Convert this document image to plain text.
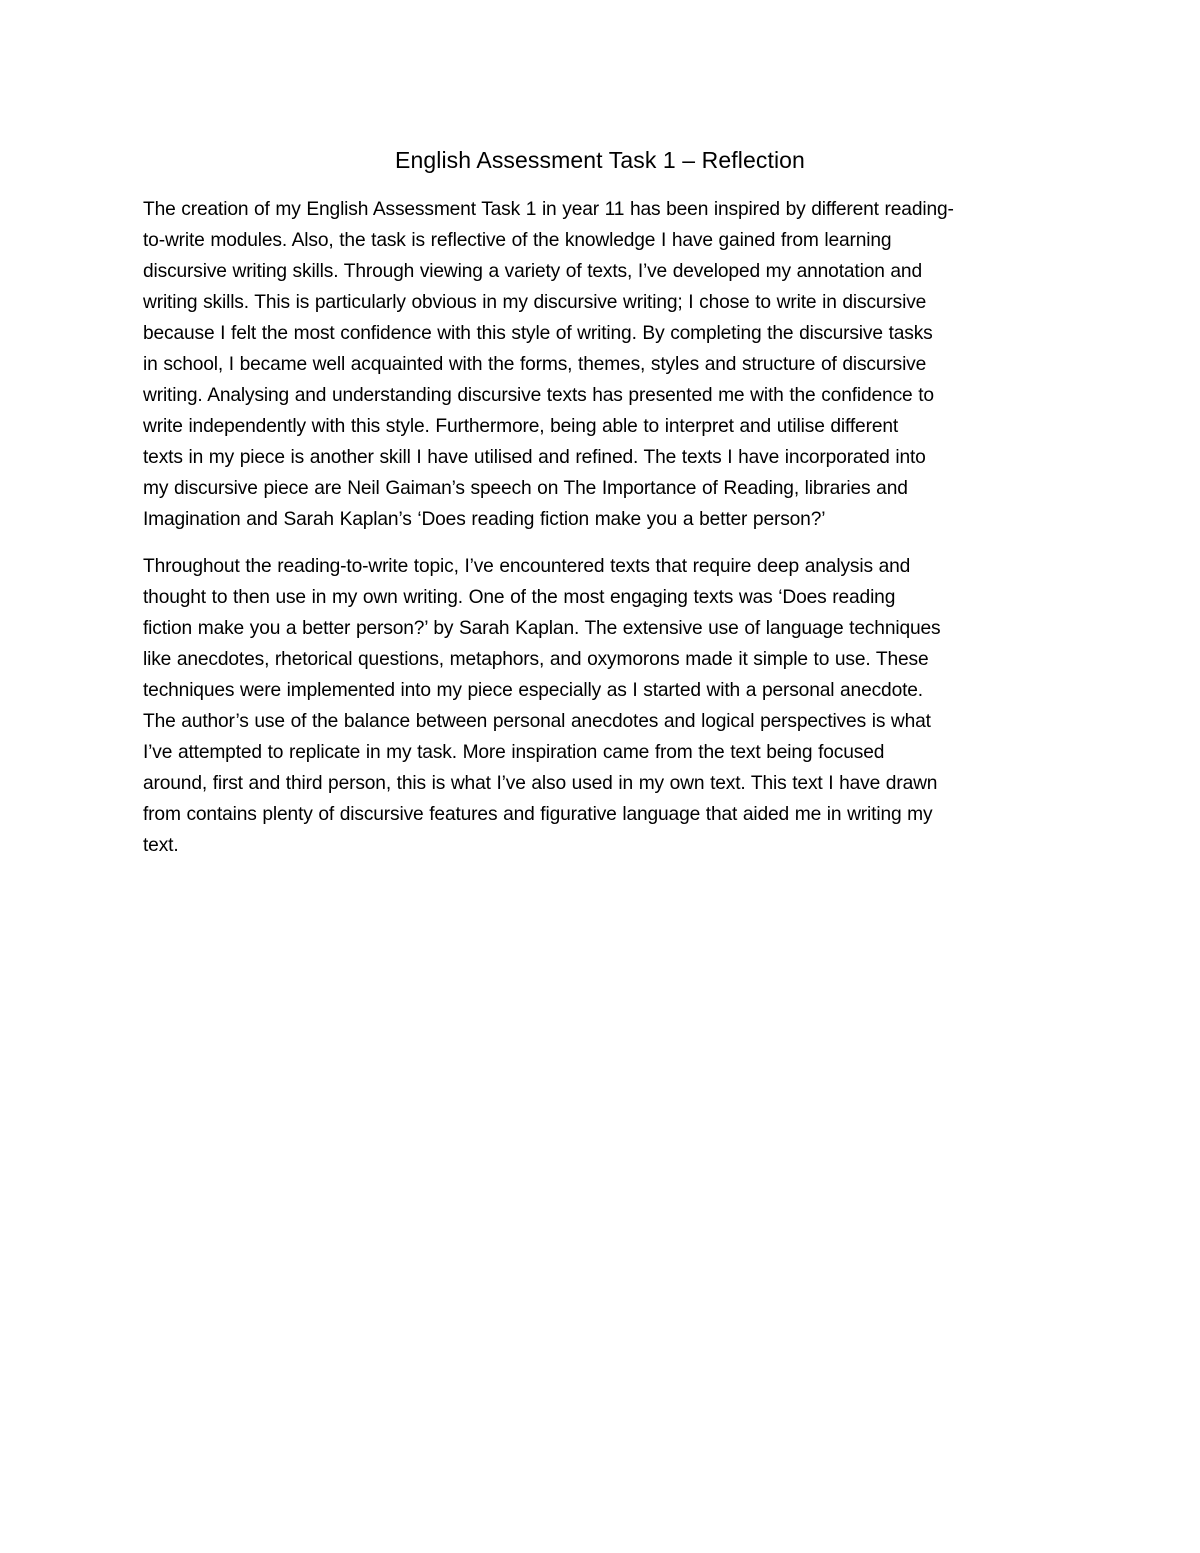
English Assessment Task 1 – Reflection

The creation of my English Assessment Task 1 in year 11 has been inspired by different reading-
to-write modules. Also, the task is reflective of the knowledge I have gained from learning
discursive writing skills. Through viewing a variety of texts, I’ve developed my annotation and
writing skills. This is particularly obvious in my discursive writing; I chose to write in discursive
because I felt the most confidence with this style of writing. By completing the discursive tasks
in school, I became well acquainted with the forms, themes, styles and structure of discursive
writing. Analysing and understanding discursive texts has presented me with the confidence to
write independently with this style. Furthermore, being able to interpret and utilise different
texts in my piece is another skill I have utilised and refined. The texts I have incorporated into
my discursive piece are Neil Gaiman’s speech on The Importance of Reading, libraries and
Imagination and Sarah Kaplan’s ‘Does reading fiction make you a better person?’

Throughout the reading-to-write topic, I’ve encountered texts that require deep analysis and
thought to then use in my own writing. One of the most engaging texts was ‘Does reading
fiction make you a better person?’ by Sarah Kaplan. The extensive use of language techniques
like anecdotes, rhetorical questions, metaphors, and oxymorons made it simple to use. These
techniques were implemented into my piece especially as I started with a personal anecdote.
The author’s use of the balance between personal anecdotes and logical perspectives is what
I’ve attempted to replicate in my task. More inspiration came from the text being focused
around, first and third person, this is what I’ve also used in my own text. This text I have drawn
from contains plenty of discursive features and figurative language that aided me in writing my
text.
